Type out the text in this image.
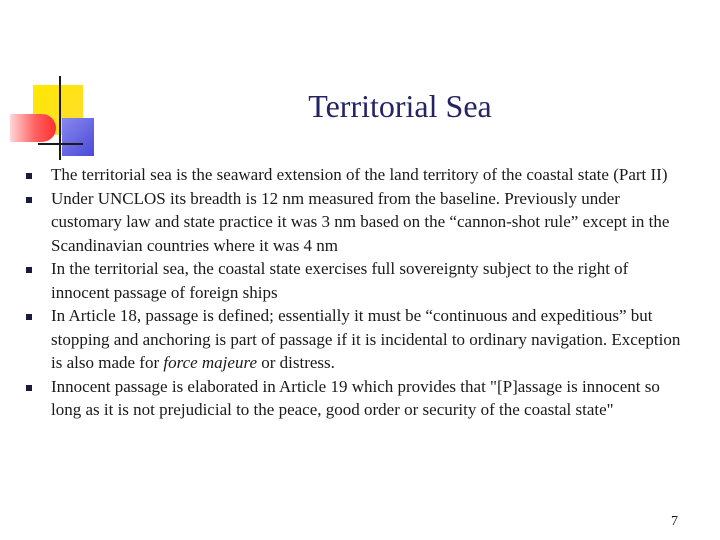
Territorial Sea
The territorial sea is the seaward extension of the land territory of the coastal state (Part II)
Under UNCLOS its breadth is 12 nm measured from the baseline. Previously under customary law and state practice it was 3 nm based on the “cannon-shot rule” except in the Scandinavian countries where it was 4 nm
In the territorial sea, the coastal state exercises full sovereignty subject to the right of innocent passage of foreign ships
In Article 18, passage is defined; essentially it must be “continuous and expeditious” but stopping and anchoring is part of passage if it is incidental to ordinary navigation. Exception is also made for force majeure or distress.
Innocent passage is elaborated in Article 19 which provides that "[P]assage is innocent so long as it is not prejudicial to the peace, good order or security of the coastal state"
7
